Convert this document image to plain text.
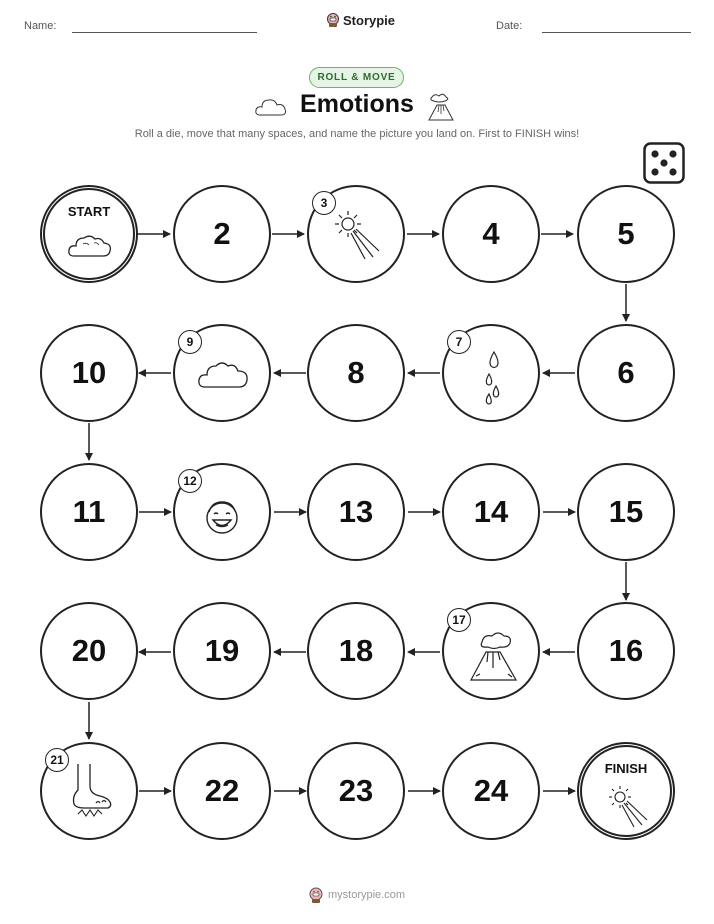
Name:	Date:
Storypie
ROLL & MOVE
Emotions
Roll a die, move that many spaces, and name the picture you land on. First to FINISH wins!
START
2
3
4	5
10
9
8
7
6
11
12
13	14	15
20	19	18
17
16
21
22	23	24
FINISH
mystorypie.com
